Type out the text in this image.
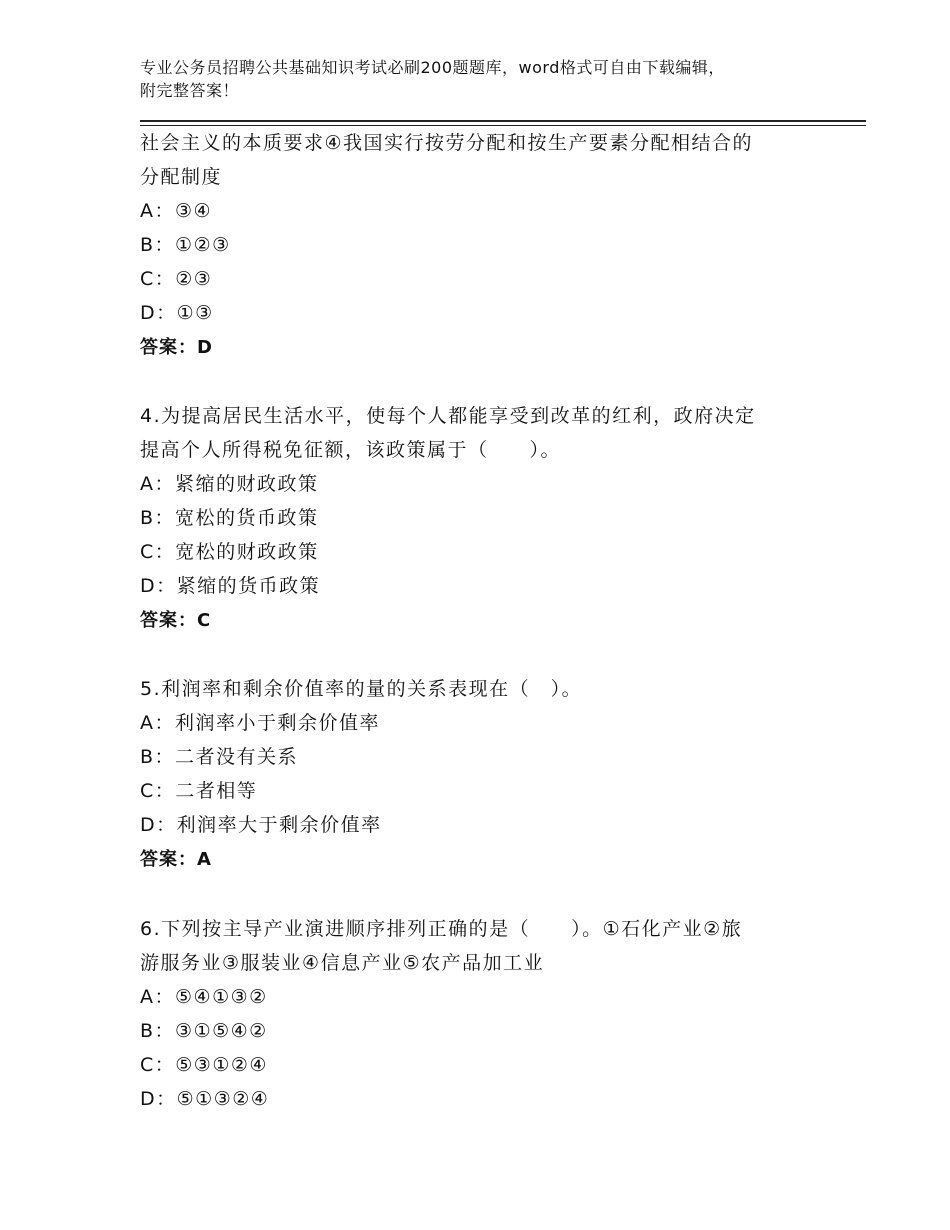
专业公务员招聘公共基础知识考试必刷200题题库，word格式可自由下载编辑，
附完整答案！
社会主义的本质要求④我国实行按劳分配和按生产要素分配相结合的
分配制度
A：③④
B：①②③
C：②③
D：①③
答案：D
4.为提高居民生活水平，使每个人都能享受到改革的红利，政府决定
提高个人所得税免征额，该政策属于（　　）。
A：紧缩的财政政策
B：宽松的货币政策
C：宽松的财政政策
D：紧缩的货币政策
答案：C
5.利润率和剩余价值率的量的关系表现在（　）。
A：利润率小于剩余价值率
B：二者没有关系
C：二者相等
D：利润率大于剩余价值率
答案：A
6.下列按主导产业演进顺序排列正确的是（　　）。①石化产业②旅
游服务业③服装业④信息产业⑤农产品加工业
A：⑤④①③②
B：③①⑤④②
C：⑤③①②④
D：⑤①③②④
